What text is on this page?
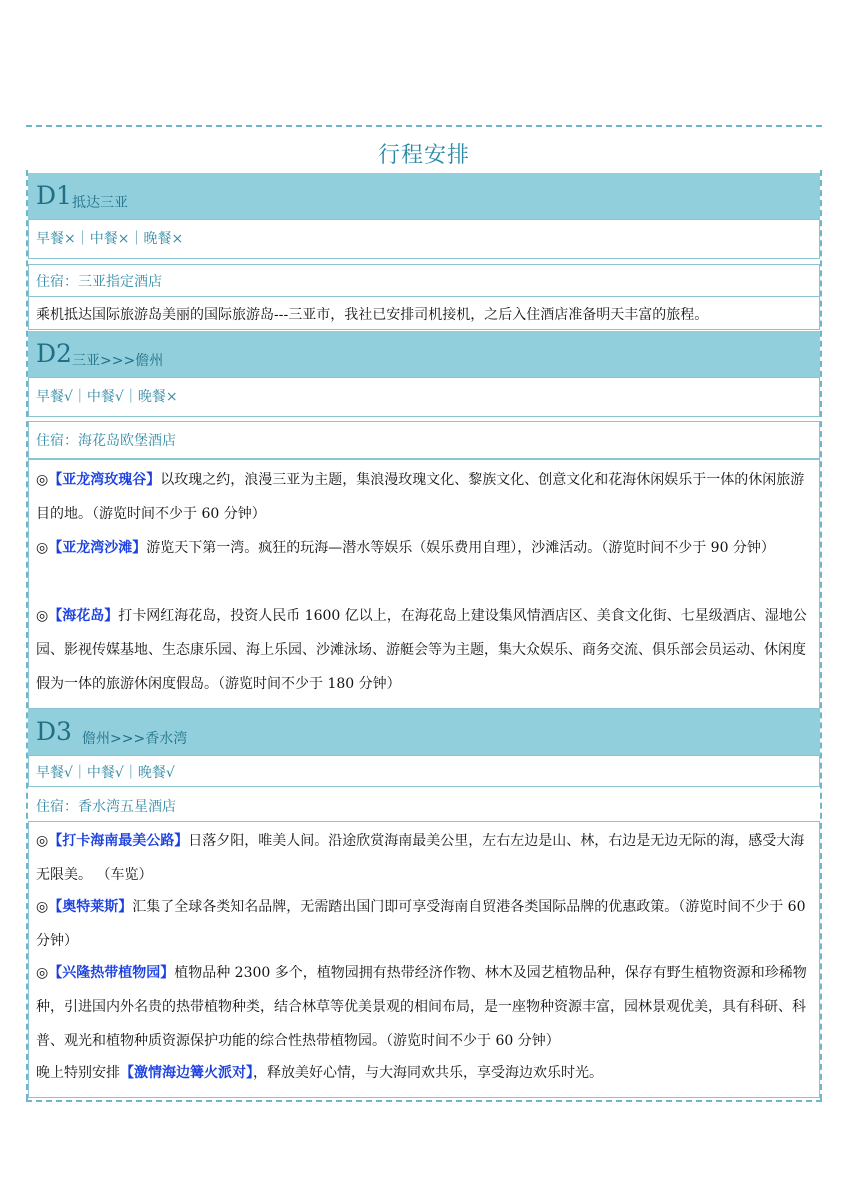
行程安排
D1 抵达三亚
早餐×｜中餐×｜晚餐×
住宿：三亚指定酒店
乘机抵达国际旅游岛美丽的国际旅游岛---三亚市，我社已安排司机接机，之后入住酒店准备明天丰富的旅程。
D2 三亚>>>儋州
早餐√｜中餐√｜晚餐×
住宿：海花岛欧堡酒店
◎【亚龙湾玫瑰谷】以玫瑰之约，浪漫三亚为主题，集浪漫玫瑰文化、黎族文化、创意文化和花海休闲娱乐于一体的休闲旅游目的地。（游览时间不少于 60 分钟）
◎【亚龙湾沙滩】游览天下第一湾。疯狂的玩海—潜水等娱乐（娱乐费用自理），沙滩活动。（游览时间不少于 90 分钟）
◎【海花岛】打卡网红海花岛，投资人民币 1600 亿以上，在海花岛上建设集风情酒店区、美食文化街、七星级酒店、湿地公园、影视传媒基地、生态康乐园、海上乐园、沙滩泳场、游艇会等为主题，集大众娱乐、商务交流、俱乐部会员运动、休闲度假为一体的旅游休闲度假岛。（游览时间不少于 180 分钟）
D3 儋州>>>香水湾
早餐√｜中餐√｜晚餐√
住宿：香水湾五星酒店
◎【打卡海南最美公路】日落夕阳，唯美人间。沿途欣赏海南最美公里，左右左边是山、林，右边是无边无际的海，感受大海无限美。 （车览）
◎【奥特莱斯】汇集了全球各类知名品牌，无需踏出国门即可享受海南自贸港各类国际品牌的优惠政策。（游览时间不少于 60 分钟）
◎【兴隆热带植物园】植物品种 2300 多个，植物园拥有热带经济作物、林木及园艺植物品种，保存有野生植物资源和珍稀物种，引进国内外名贵的热带植物种类，结合林草等优美景观的相间布局，是一座物种资源丰富，园林景观优美，具有科研、科普、观光和植物种质资源保护功能的综合性热带植物园。（游览时间不少于 60 分钟）
晚上特别安排【激情海边篝火派对】，释放美好心情，与大海同欢共乐，享受海边欢乐时光。
